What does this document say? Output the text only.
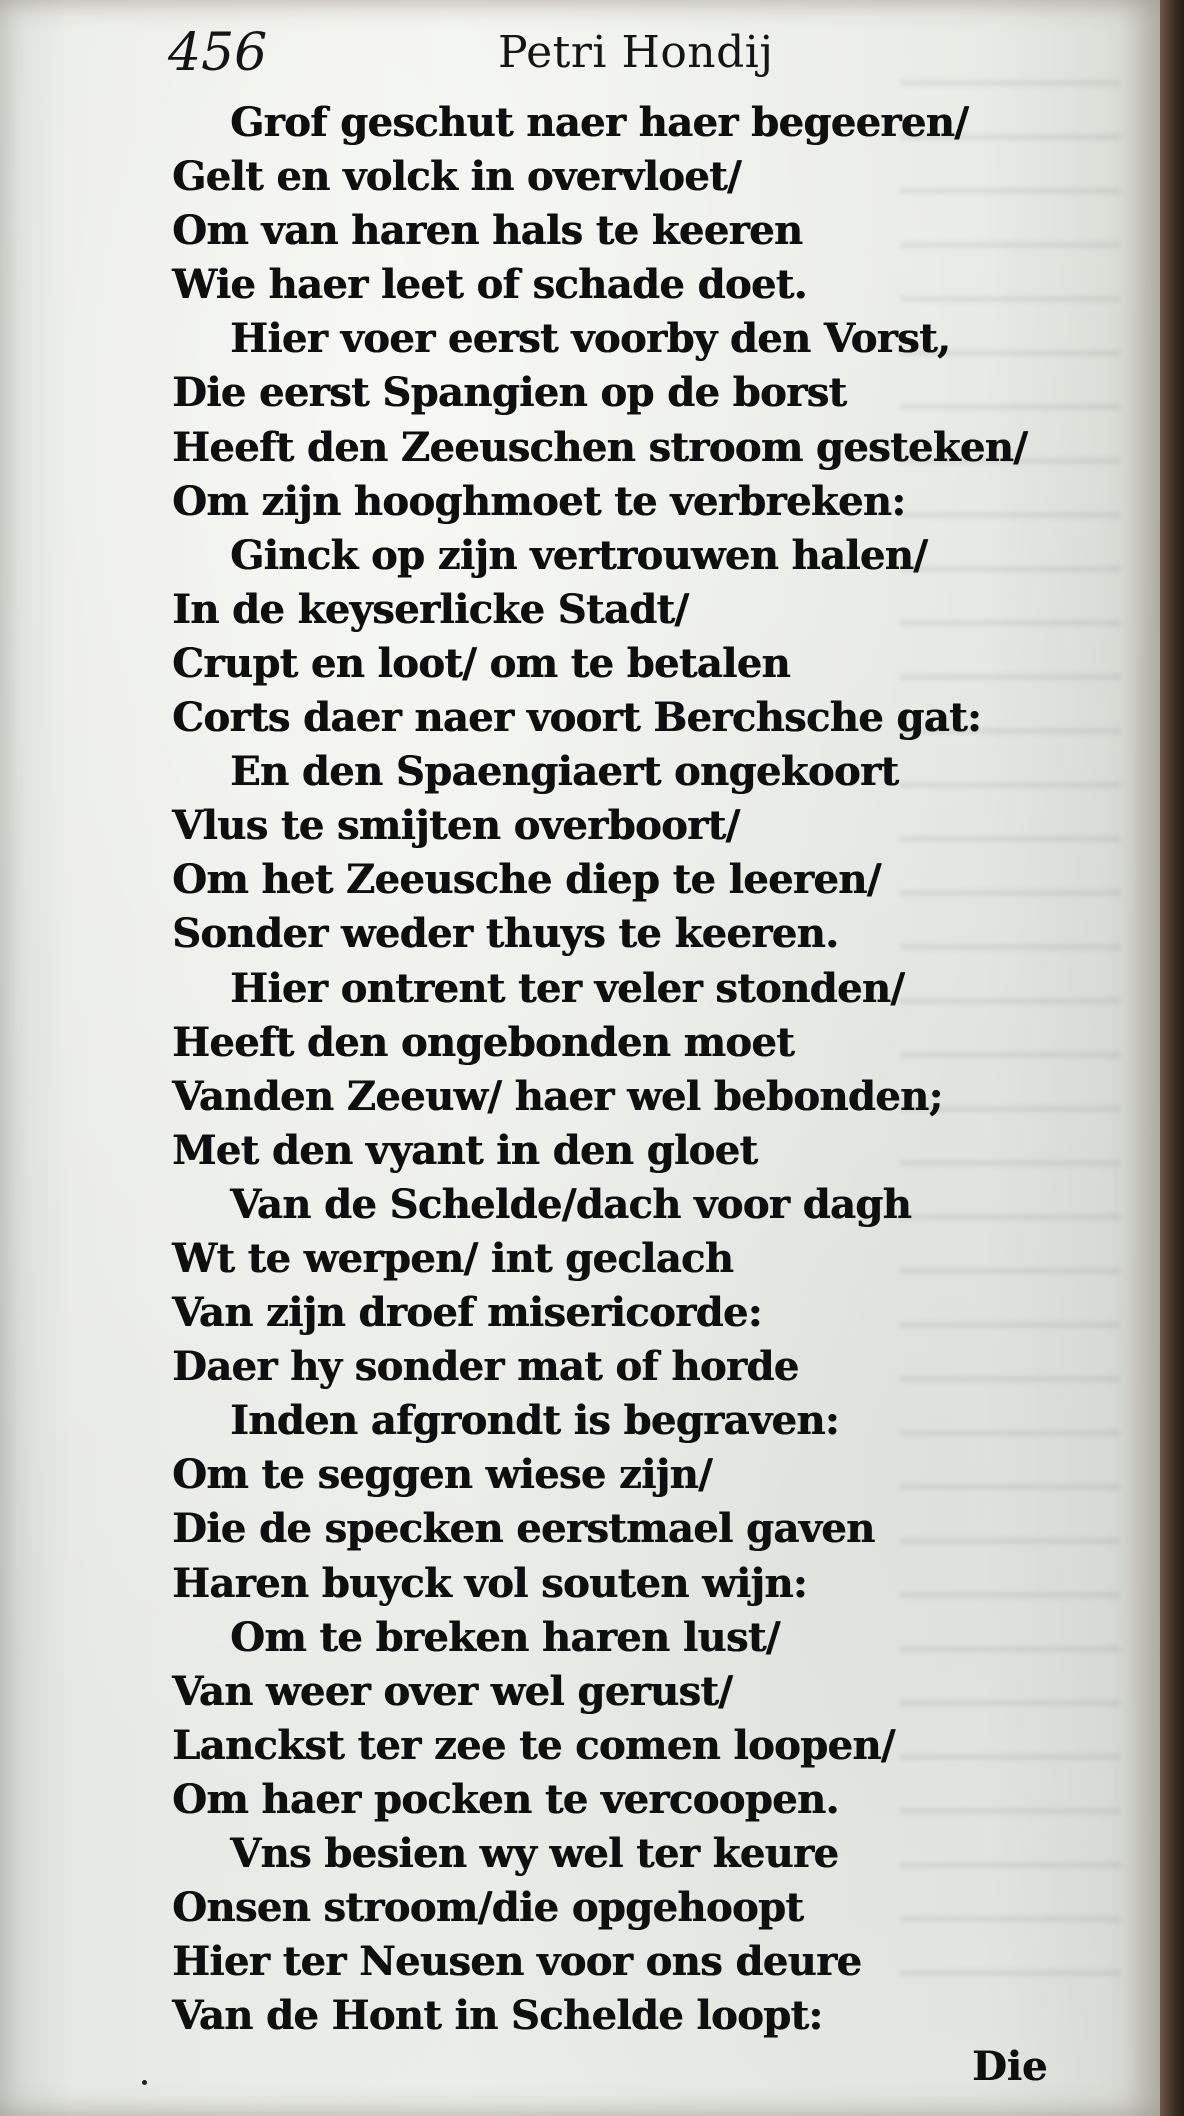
456	Petri Hondij
Grof geschut naer haer begeeren/
Gelt en volck in overvloet/
Om van haren hals te keeren
Wie haer leet of schade doet.
Hier voer eerst voorby den Vorst,
Die eerst Spangien op de borst
Heeft den Zeeuschen stroom gesteken/
Om zijn hooghmoet te verbreken:
Ginck op zijn vertrouwen halen/
In de keyserlicke Stadt/
Crupt en loot/ om te betalen
Corts daer naer voort Berchsche gat:
En den Spaengiaert ongekoort
Vlus te smijten overboort/
Om het Zeeusche diep te leeren/
Sonder weder thuys te keeren.
Hier ontrent ter veler stonden/
Heeft den ongebonden moet
Vanden Zeeuw/ haer wel bebonden;
Met den vyant in den gloet
Van de Schelde/dach voor dagh
Wt te werpen/ int geclach
Van zijn droef misericorde:
Daer hy sonder mat of horde
Inden afgrondt is begraven:
Om te seggen wiese zijn/
Die de specken eerstmael gaven
Haren buyck vol souten wijn:
Om te breken haren lust/
Van weer over wel gerust/
Lanckst ter zee te comen loopen/
Om haer pocken te vercoopen.
Vns besien wy wel ter keure
Onsen stroom/die opgehoopt
Hier ter Neusen voor ons deure
Van de Hont in Schelde loopt:
Die
